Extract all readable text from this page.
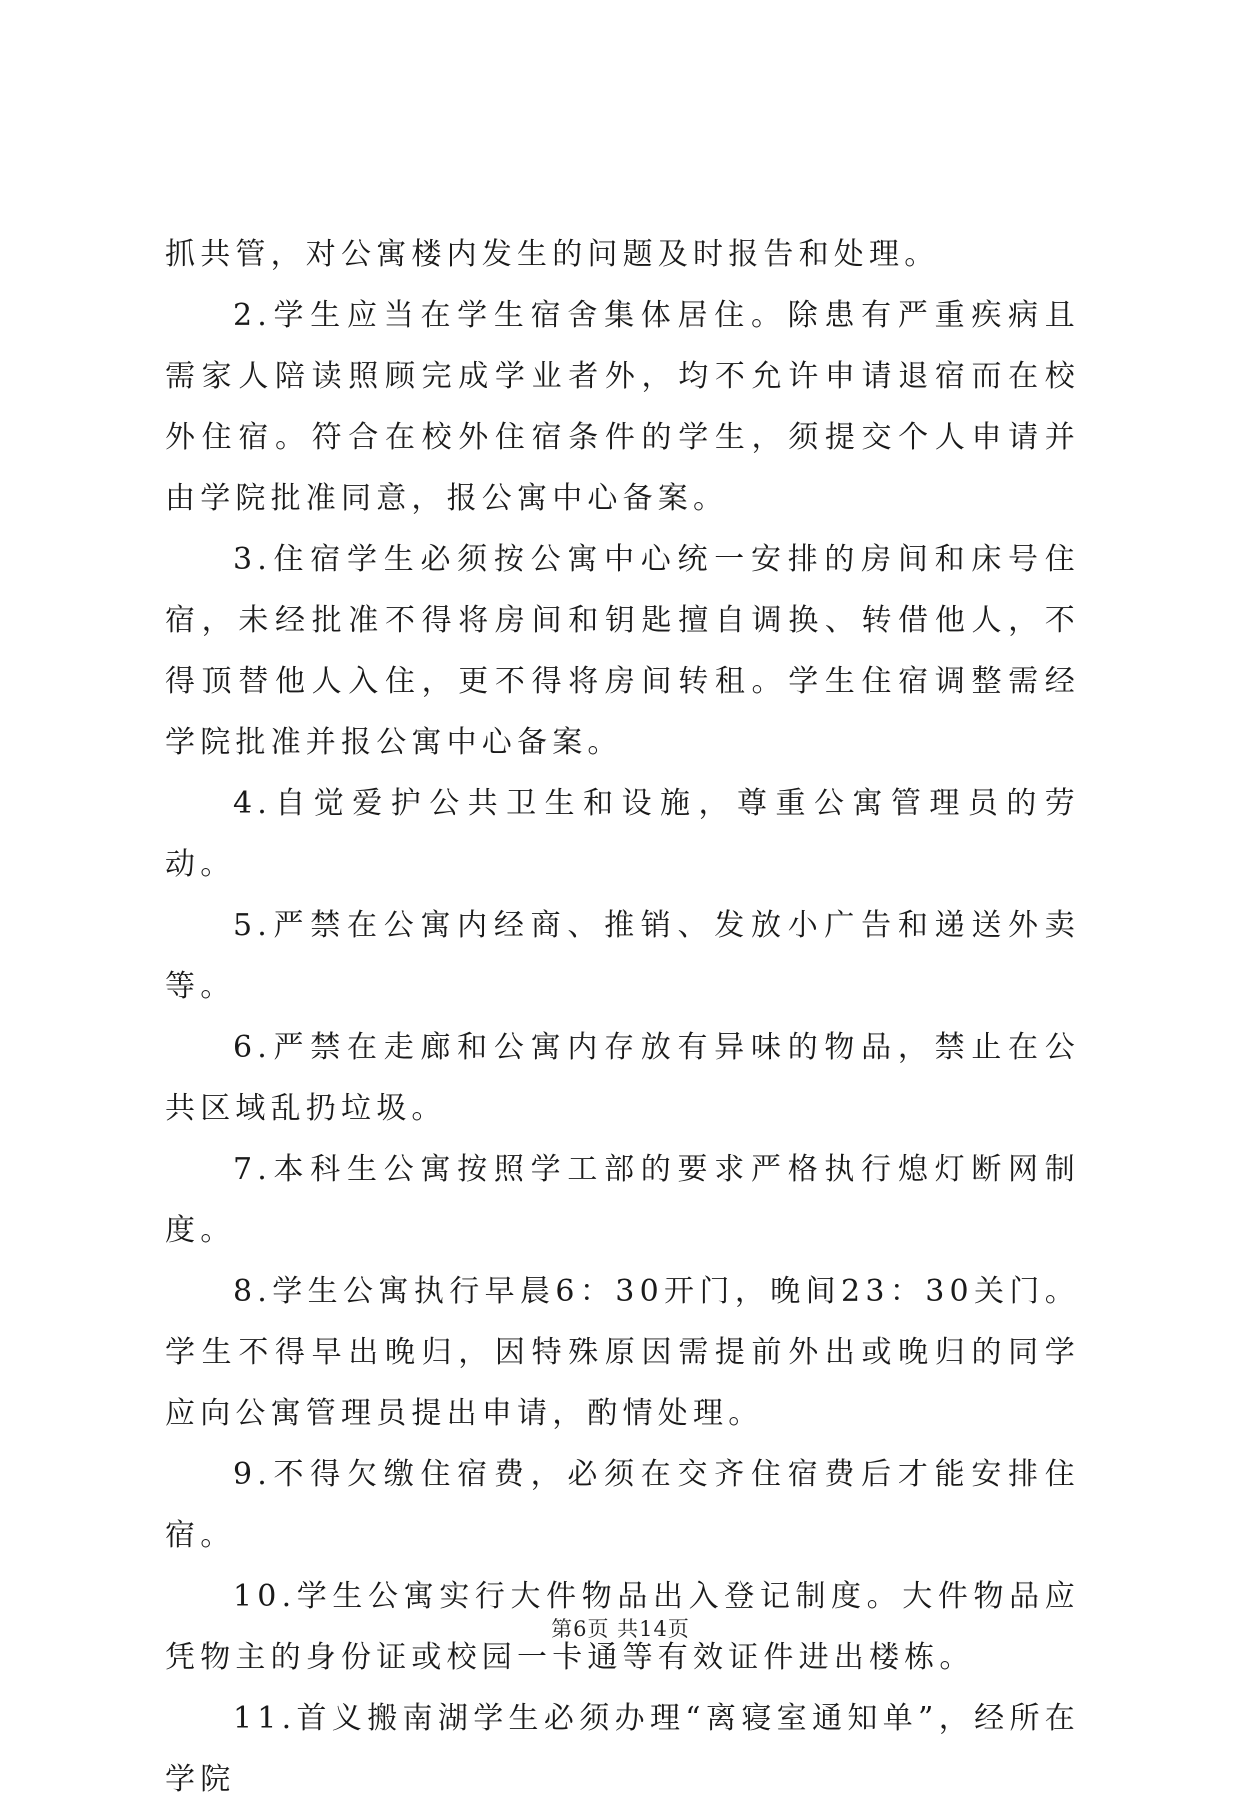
抓共管，对公寓楼内发生的问题及时报告和处理。

2.学生应当在学生宿舍集体居住。除患有严重疾病且需家人陪读照顾完成学业者外，均不允许申请退宿而在校外住宿。符合在校外住宿条件的学生，须提交个人申请并由学院批准同意，报公寓中心备案。

3.住宿学生必须按公寓中心统一安排的房间和床号住宿，未经批准不得将房间和钥匙擅自调换、转借他人，不得顶替他人入住，更不得将房间转租。学生住宿调整需经学院批准并报公寓中心备案。

4.自觉爱护公共卫生和设施，尊重公寓管理员的劳动。

5.严禁在公寓内经商、推销、发放小广告和递送外卖等。

6.严禁在走廊和公寓内存放有异味的物品，禁止在公共区域乱扔垃圾。

7.本科生公寓按照学工部的要求严格执行熄灯断网制度。

8.学生公寓执行早晨6：30开门，晚间23：30关门。学生不得早出晚归，因特殊原因需提前外出或晚归的同学应向公寓管理员提出申请，酌情处理。

9.不得欠缴住宿费，必须在交齐住宿费后才能安排住宿。

10.学生公寓实行大件物品出入登记制度。大件物品应凭物主的身份证或校园一卡通等有效证件进出楼栋。

11.首义搬南湖学生必须办理“离寝室通知单”，经所在学院

第6页 共14页
